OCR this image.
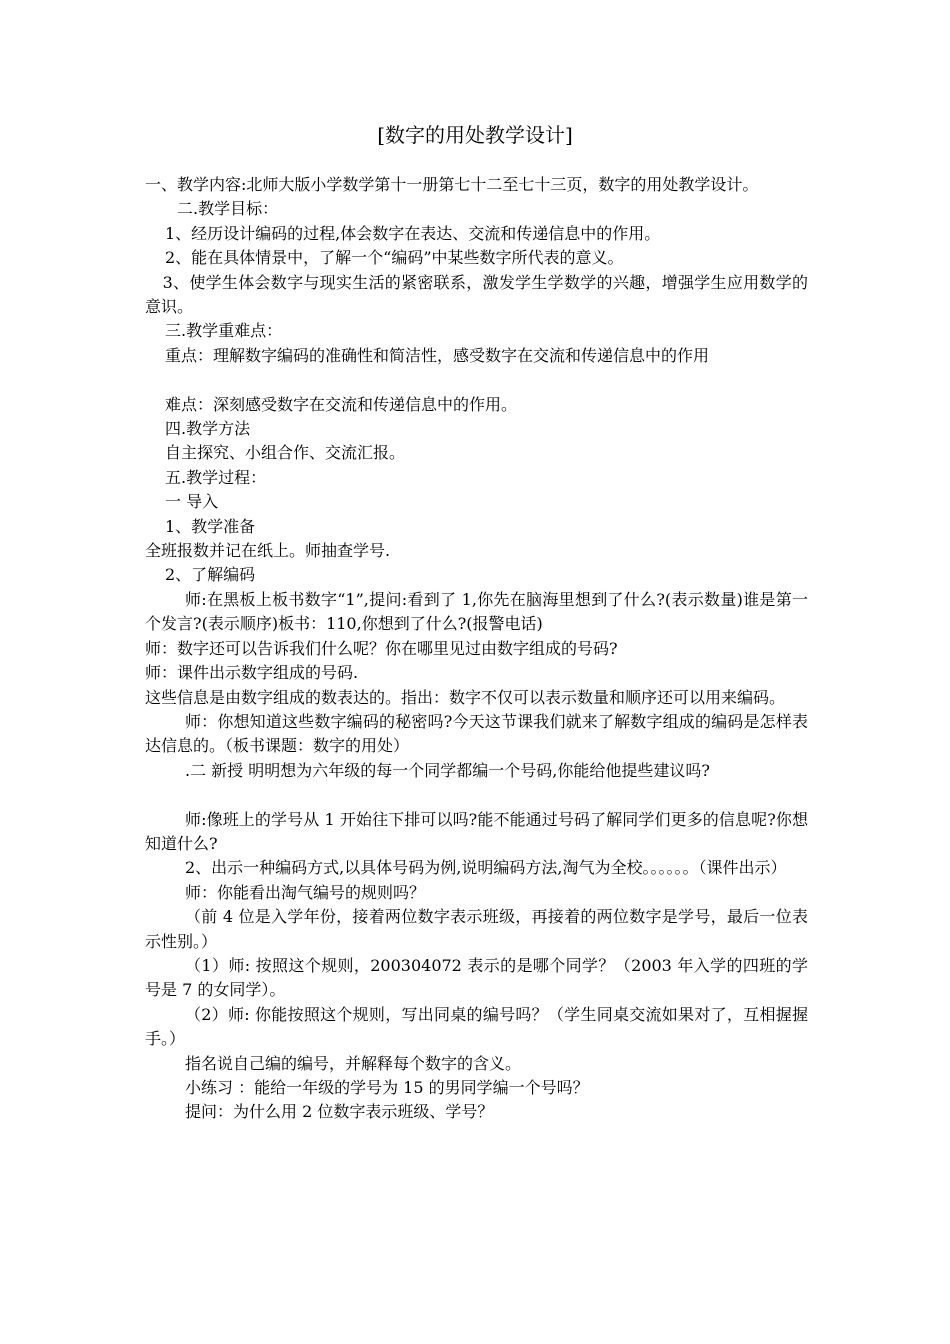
[数字的用处教学设计]

一、教学内容:北师大版小学数学第十一册第七十二至七十三页，数字的用处教学设计。

二.教学目标：

1、经历设计编码的过程,体会数字在表达、交流和传递信息中的作用。

2、能在具体情景中，了解一个“编码”中某些数字所代表的意义。

3、使学生体会数字与现实生活的紧密联系，激发学生学数学的兴趣，增强学生应用数学的意识。

三.教学重难点：

重点：理解数字编码的准确性和简洁性，感受数字在交流和传递信息中的作用

难点：深刻感受数字在交流和传递信息中的作用。

四.教学方法

自主探究、小组合作、交流汇报。

五.教学过程：

一 导入

1、教学准备

全班报数并记在纸上。师抽查学号.

2、了解编码

师:在黑板上板书数字“1”,提问:看到了 1,你先在脑海里想到了什么?(表示数量)谁是第一个发言?(表示顺序)板书：110,你想到了什么?(报警电话)

师：数字还可以告诉我们什么呢？你在哪里见过由数字组成的号码?

师：课件出示数字组成的号码.

这些信息是由数字组成的数表达的。指出：数字不仅可以表示数量和顺序还可以用来编码。

师：你想知道这些数字编码的秘密吗?今天这节课我们就来了解数字组成的编码是怎样表达信息的。（板书课题：数字的用处）

.二 新授 明明想为六年级的每一个同学都编一个号码,你能给他提些建议吗?

师:像班上的学号从 1 开始往下排可以吗?能不能通过号码了解同学们更多的信息呢?你想知道什么?

2、出示一种编码方式,以具体号码为例,说明编码方法,淘气为全校。。。。。。（课件出示）

师：你能看出淘气编号的规则吗？

（前 4 位是入学年份，接着两位数字表示班级，再接着的两位数字是学号，最后一位表示性别。）

（1）师: 按照这个规则，200304072 表示的是哪个同学？（2003 年入学的四班的学号是 7 的女同学）。

（2）师: 你能按照这个规则，写出同桌的编号吗？（学生同桌交流如果对了，互相握握手。）

指名说自己编的编号，并解释每个数字的含义。

小练习 ：能给一年级的学号为 15 的男同学编一个号吗？

提问：为什么用 2 位数字表示班级、学号？
